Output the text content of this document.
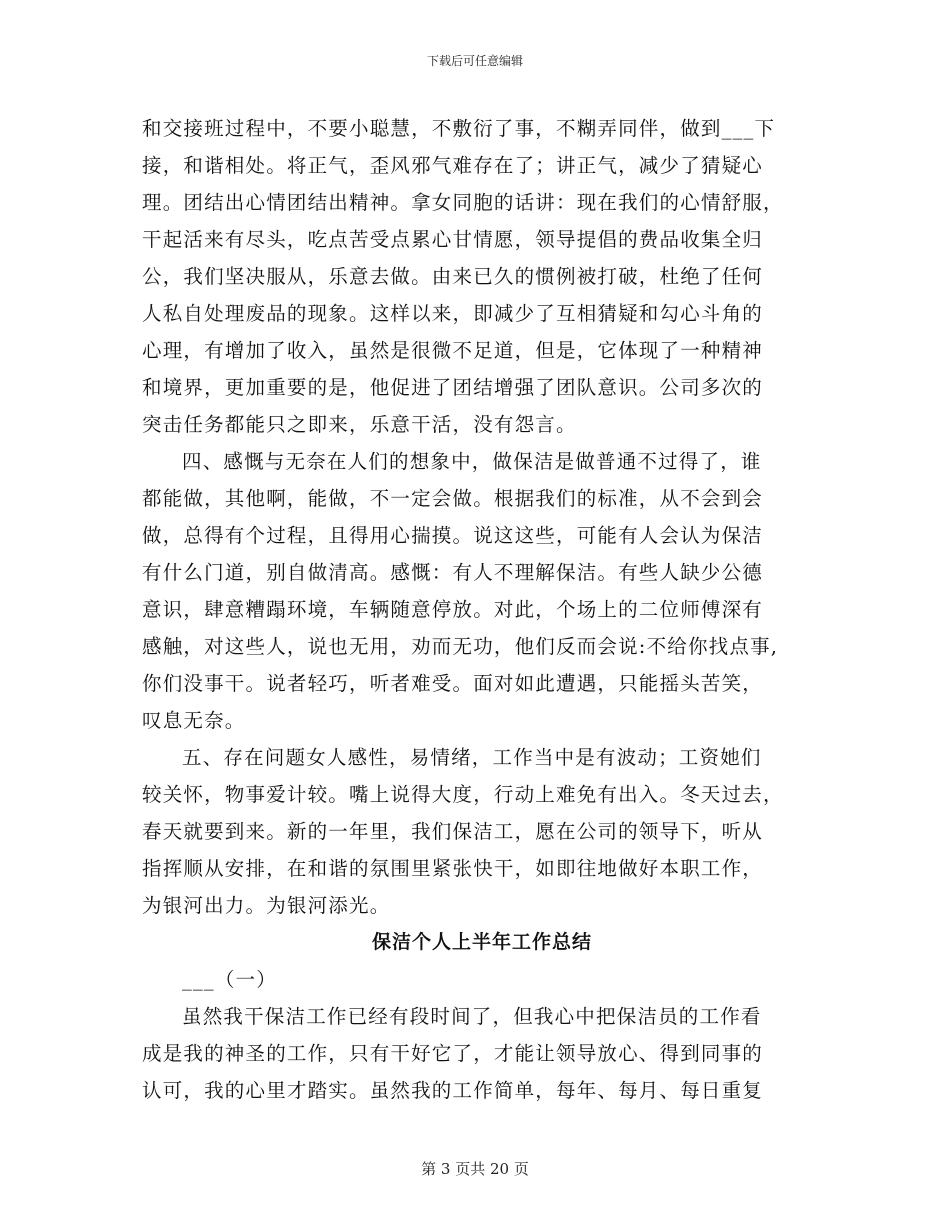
下载后可任意编辑
和交接班过程中，不要小聪慧，不敷衍了事，不糊弄同伴，做到___下
接，和谐相处。将正气，歪风邪气难存在了；讲正气，减少了猜疑心
理。团结出心情团结出精神。拿女同胞的话讲：现在我们的心情舒服，
干起活来有尽头，吃点苦受点累心甘情愿，领导提倡的费品收集全归
公，我们坚决服从，乐意去做。由来已久的惯例被打破，杜绝了任何
人私自处理废品的现象。这样以来，即减少了互相猜疑和勾心斗角的
心理，有增加了收入，虽然是很微不足道，但是，它体现了一种精神
和境界，更加重要的是，他促进了团结增强了团队意识。公司多次的
突击任务都能只之即来，乐意干活，没有怨言。
四、感慨与无奈在人们的想象中，做保洁是做普通不过得了，谁
都能做，其他啊，能做，不一定会做。根据我们的标准，从不会到会
做，总得有个过程，且得用心揣摸。说这这些，可能有人会认为保洁
有什么门道，别自做清高。感慨：有人不理解保洁。有些人缺少公德
意识，肆意糟蹋环境，车辆随意停放。对此，个场上的二位师傅深有
感触，对这些人，说也无用，劝而无功，他们反而会说:不给你找点事,
你们没事干。说者轻巧，听者难受。面对如此遭遇，只能摇头苦笑，
叹息无奈。
五、存在问题女人感性，易情绪，工作当中是有波动；工资她们
较关怀，物事爱计较。嘴上说得大度，行动上难免有出入。冬天过去，
春天就要到来。新的一年里，我们保洁工，愿在公司的领导下，听从
指挥顺从安排，在和谐的氛围里紧张快干，如即往地做好本职工作，
为银河出力。为银河添光。
保洁个人上半年工作总结
___（一）
虽然我干保洁工作已经有段时间了，但我心中把保洁员的工作看
成是我的神圣的工作，只有干好它了，才能让领导放心、得到同事的
认可，我的心里才踏实。虽然我的工作简单，每年、每月、每日重复
第 3 页共 20 页
